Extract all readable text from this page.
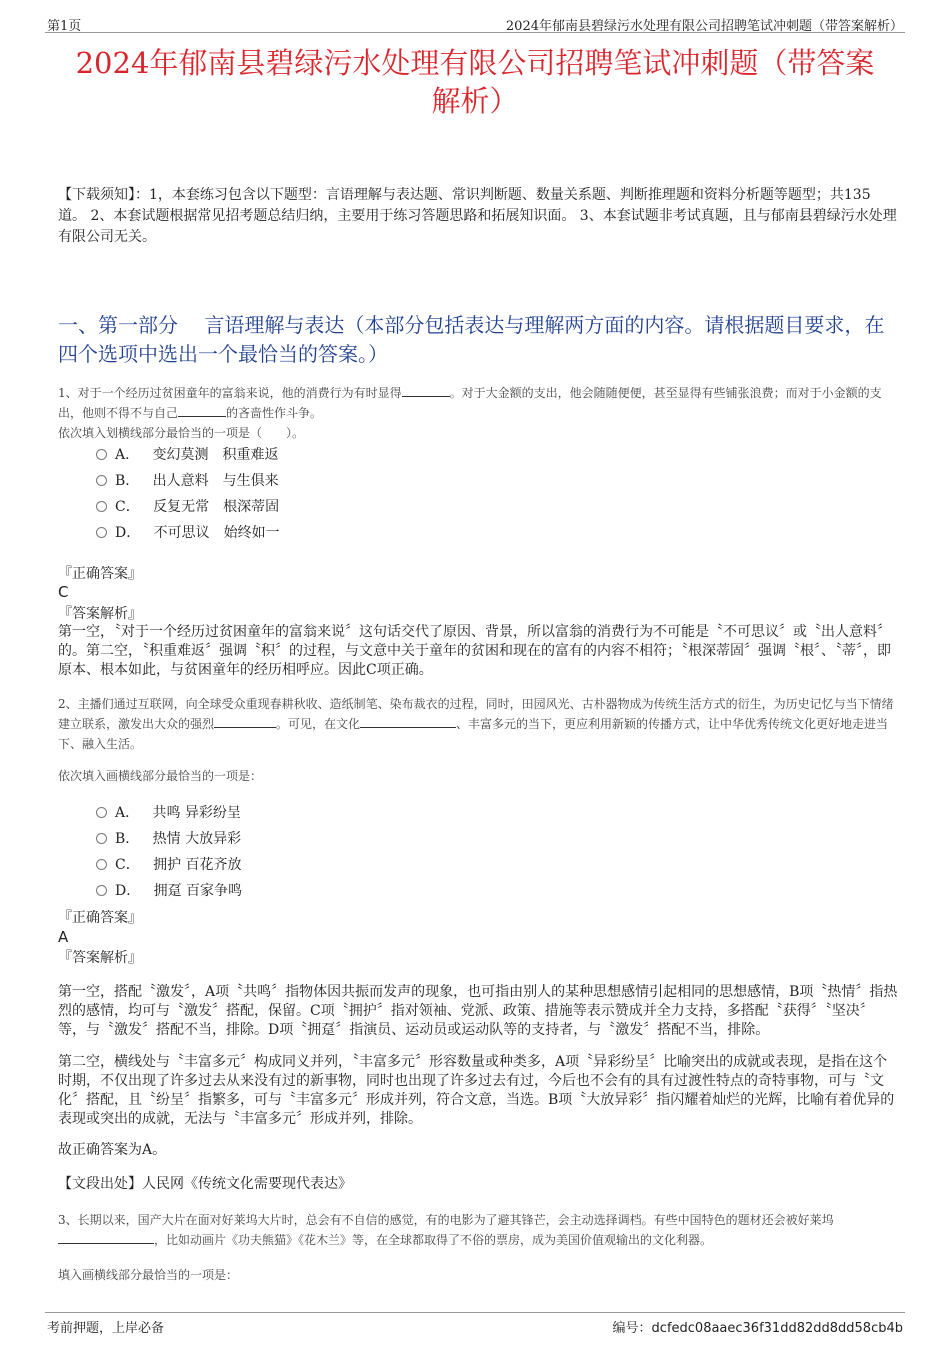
第1页	2024年郁南县碧绿污水处理有限公司招聘笔试冲刺题（带答案解析）
2024年郁南县碧绿污水处理有限公司招聘笔试冲刺题（带答案
解析）
【下载须知】：1，本套练习包含以下题型：言语理解与表达题、常识判断题、数量关系题、判断推理题和资料分析题等题型；共135道。 2、本套试题根据常见招考题总结归纳，主要用于练习答题思路和拓展知识面。 3、本套试题非考试真题，且与郁南县碧绿污水处理有限公司无关。
一、第一部分　 言语理解与表达（本部分包括表达与理解两方面的内容。请根据题目要求，在四个选项中选出一个最恰当的答案。）
1、对于一个经历过贫困童年的富翁来说，他的消费行为有时显得	。对于大金额的支出，他会随随便便，甚至显得有些铺张浪费；而对于小金额的支出，他则不得不与自己	的吝啬性作斗争。
依次填入划横线部分最恰当的一项是（　　）。
A． 变幻莫测　积重难返
B． 出人意料　与生俱来
C． 反复无常　根深蒂固
D． 不可思议　始终如一
『正确答案』
C
『答案解析』
第一空，〝对于一个经历过贫困童年的富翁来说〞这句话交代了原因、背景，所以富翁的消费行为不可能是〝不可思议〞或〝出人意料〞的。第二空，〝积重难返〞强调〝积〞的过程，与文意中关于童年的贫困和现在的富有的内容不相符；〝根深蒂固〞强调〝根〞、〝蒂〞，即原本、根本如此，与贫困童年的经历相呼应。因此C项正确。
2、主播们通过互联网，向全球受众重现春耕秋收、造纸制笔、染布裁衣的过程，同时，田园风光、古朴器物成为传统生活方式的衍生，为历史记忆与当下情绪建立联系，激发出大众的强烈	。可见，在文化	、丰富多元的当下，更应利用新颖的传播方式，让中华优秀传统文化更好地走进当下、融入生活。
依次填入画横线部分最恰当的一项是：
A． 共鸣 异彩纷呈
B． 热情 大放异彩
C． 拥护 百花齐放
D． 拥趸 百家争鸣
『正确答案』
A
『答案解析』
第一空，搭配〝激发〞，A项〝共鸣〞指物体因共振而发声的现象，也可指由别人的某种思想感情引起相同的思想感情，B项〝热情〞指热烈的感情，均可与〝激发〞搭配，保留。C项〝拥护〞指对领袖、党派、政策、措施等表示赞成并全力支持，多搭配〝获得〞〝坚决〞等，与〝激发〞搭配不当，排除。D项〝拥趸〞指演员、运动员或运动队等的支持者，与〝激发〞搭配不当，排除。
第二空，横线处与〝丰富多元〞构成同义并列，〝丰富多元〞形容数量或种类多，A项〝异彩纷呈〞比喻突出的成就或表现，是指在这个时期，不仅出现了许多过去从来没有过的新事物，同时也出现了许多过去有过，今后也不会有的具有过渡性特点的奇特事物，可与〝文化〞搭配，且〝纷呈〞指繁多，可与〝丰富多元〞形成并列，符合文意，当选。B项〝大放异彩〞指闪耀着灿烂的光辉，比喻有着优异的表现或突出的成就，无法与〝丰富多元〞形成并列，排除。
故正确答案为A。
【文段出处】人民网《传统文化需要现代表达》
3、长期以来，国产大片在面对好莱坞大片时，总会有不自信的感觉，有的电影为了避其锋芒，会主动选择调档。有些中国特色的题材还会被好莱坞，比如动画片《功夫熊猫》《花木兰》等，在全球都取得了不俗的票房，成为美国价值观输出的文化利器。
填入画横线部分最恰当的一项是：
考前押题，上岸必备	编号：dcfedc08aaec36f31dd82dd8dd58cb4b
